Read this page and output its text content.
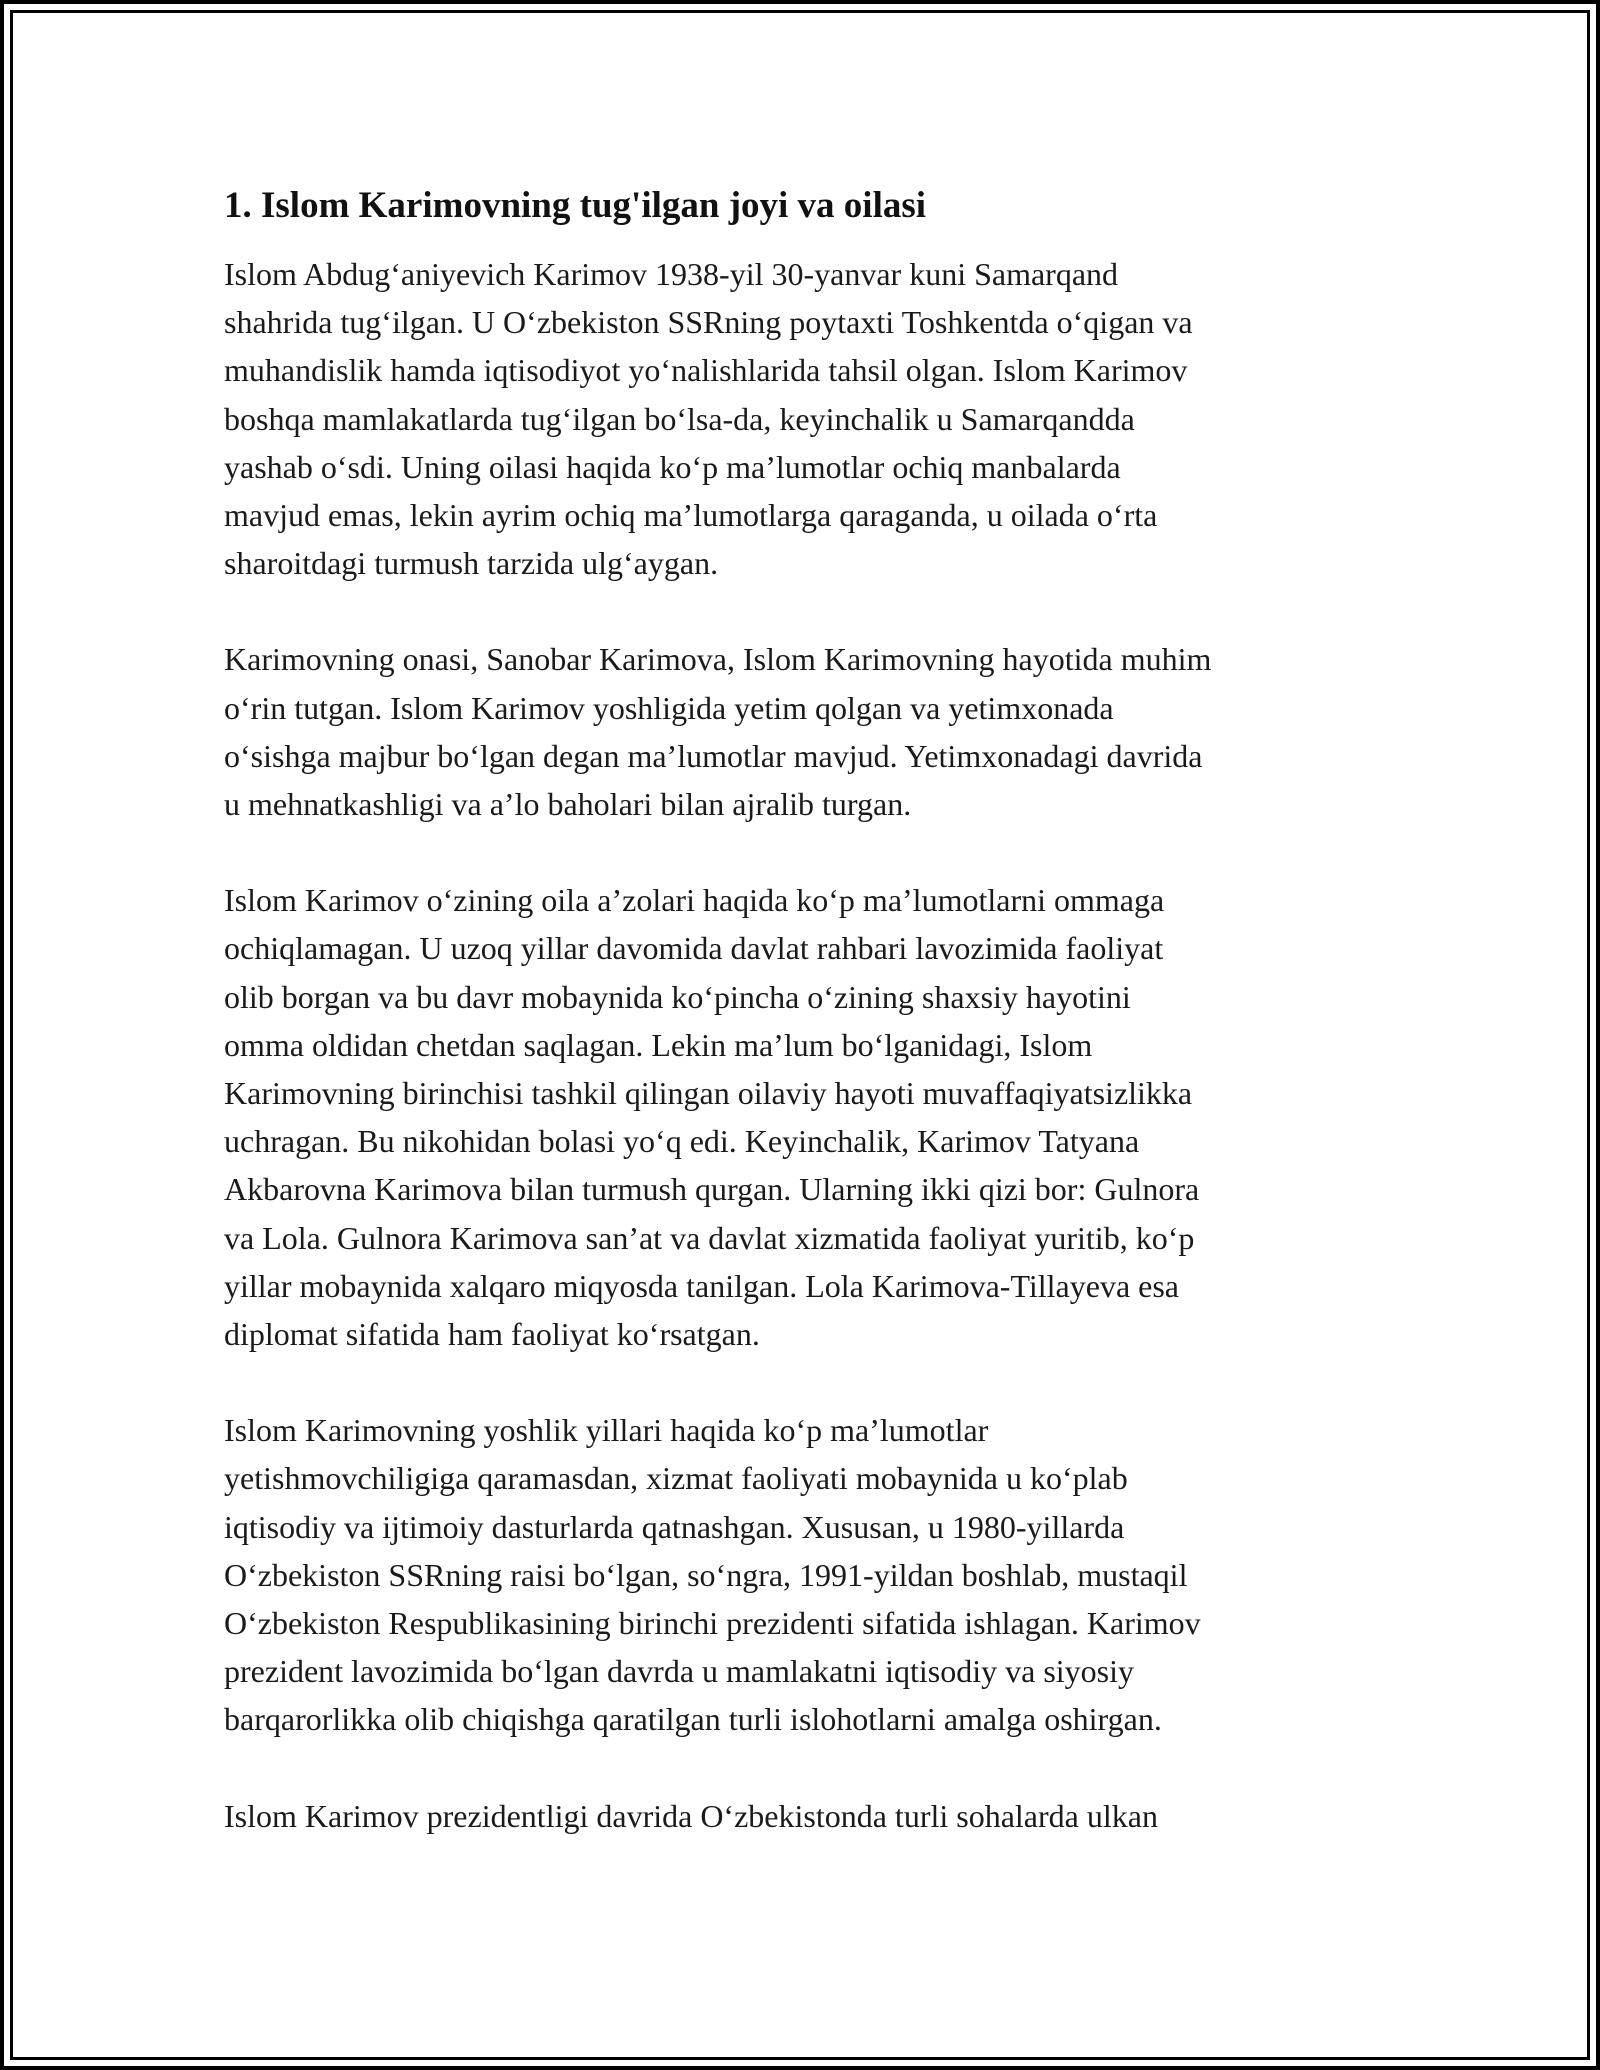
1. Islom Karimovning tug'ilgan joyi va oilasi

Islom Abdugʻaniyevich Karimov 1938-yil 30-yanvar kuni Samarqand
shahrida tugʻilgan. U Oʻzbekiston SSRning poytaxti Toshkentda oʻqigan va
muhandislik hamda iqtisodiyot yoʻnalishlarida tahsil olgan. Islom Karimov
boshqa mamlakatlarda tugʻilgan boʻlsa-da, keyinchalik u Samarqandda
yashab oʻsdi. Uning oilasi haqida koʻp maʼlumotlar ochiq manbalarda
mavjud emas, lekin ayrim ochiq maʼlumotlarga qaraganda, u oilada oʻrta
sharoitdagi turmush tarzida ulgʻaygan.

Karimovning onasi, Sanobar Karimova, Islom Karimovning hayotida muhim
oʻrin tutgan. Islom Karimov yoshligida yetim qolgan va yetimxonada
oʻsishga majbur boʻlgan degan maʼlumotlar mavjud. Yetimxonadagi davrida
u mehnatkashligi va aʼlo baholari bilan ajralib turgan.

Islom Karimov oʻzining oila aʼzolari haqida koʻp maʼlumotlarni ommaga
ochiqlamagan. U uzoq yillar davomida davlat rahbari lavozimida faoliyat
olib borgan va bu davr mobaynida koʻpincha oʻzining shaxsiy hayotini
omma oldidan chetdan saqlagan. Lekin maʼlum boʻlganidagi, Islom
Karimovning birinchisi tashkil qilingan oilaviy hayoti muvaffaqiyatsizlikka
uchragan. Bu nikohidan bolasi yoʻq edi. Keyinchalik, Karimov Tatyana
Akbarovna Karimova bilan turmush qurgan. Ularning ikki qizi bor: Gulnora
va Lola. Gulnora Karimova sanʼat va davlat xizmatida faoliyat yuritib, koʻp
yillar mobaynida xalqaro miqyosda tanilgan. Lola Karimova-Tillayeva esa
diplomat sifatida ham faoliyat koʻrsatgan.

Islom Karimovning yoshlik yillari haqida koʻp maʼlumotlar
yetishmovchiligiga qaramasdan, xizmat faoliyati mobaynida u koʻplab
iqtisodiy va ijtimoiy dasturlarda qatnashgan. Xususan, u 1980-yillarda
Oʻzbekiston SSRning raisi boʻlgan, soʻngra, 1991-yildan boshlab, mustaqil
Oʻzbekiston Respublikasining birinchi prezidenti sifatida ishlagan. Karimov
prezident lavozimida boʻlgan davrda u mamlakatni iqtisodiy va siyosiy
barqarorlikka olib chiqishga qaratilgan turli islohotlarni amalga oshirgan.

Islom Karimov prezidentligi davrida Oʻzbekistonda turli sohalarda ulkan
